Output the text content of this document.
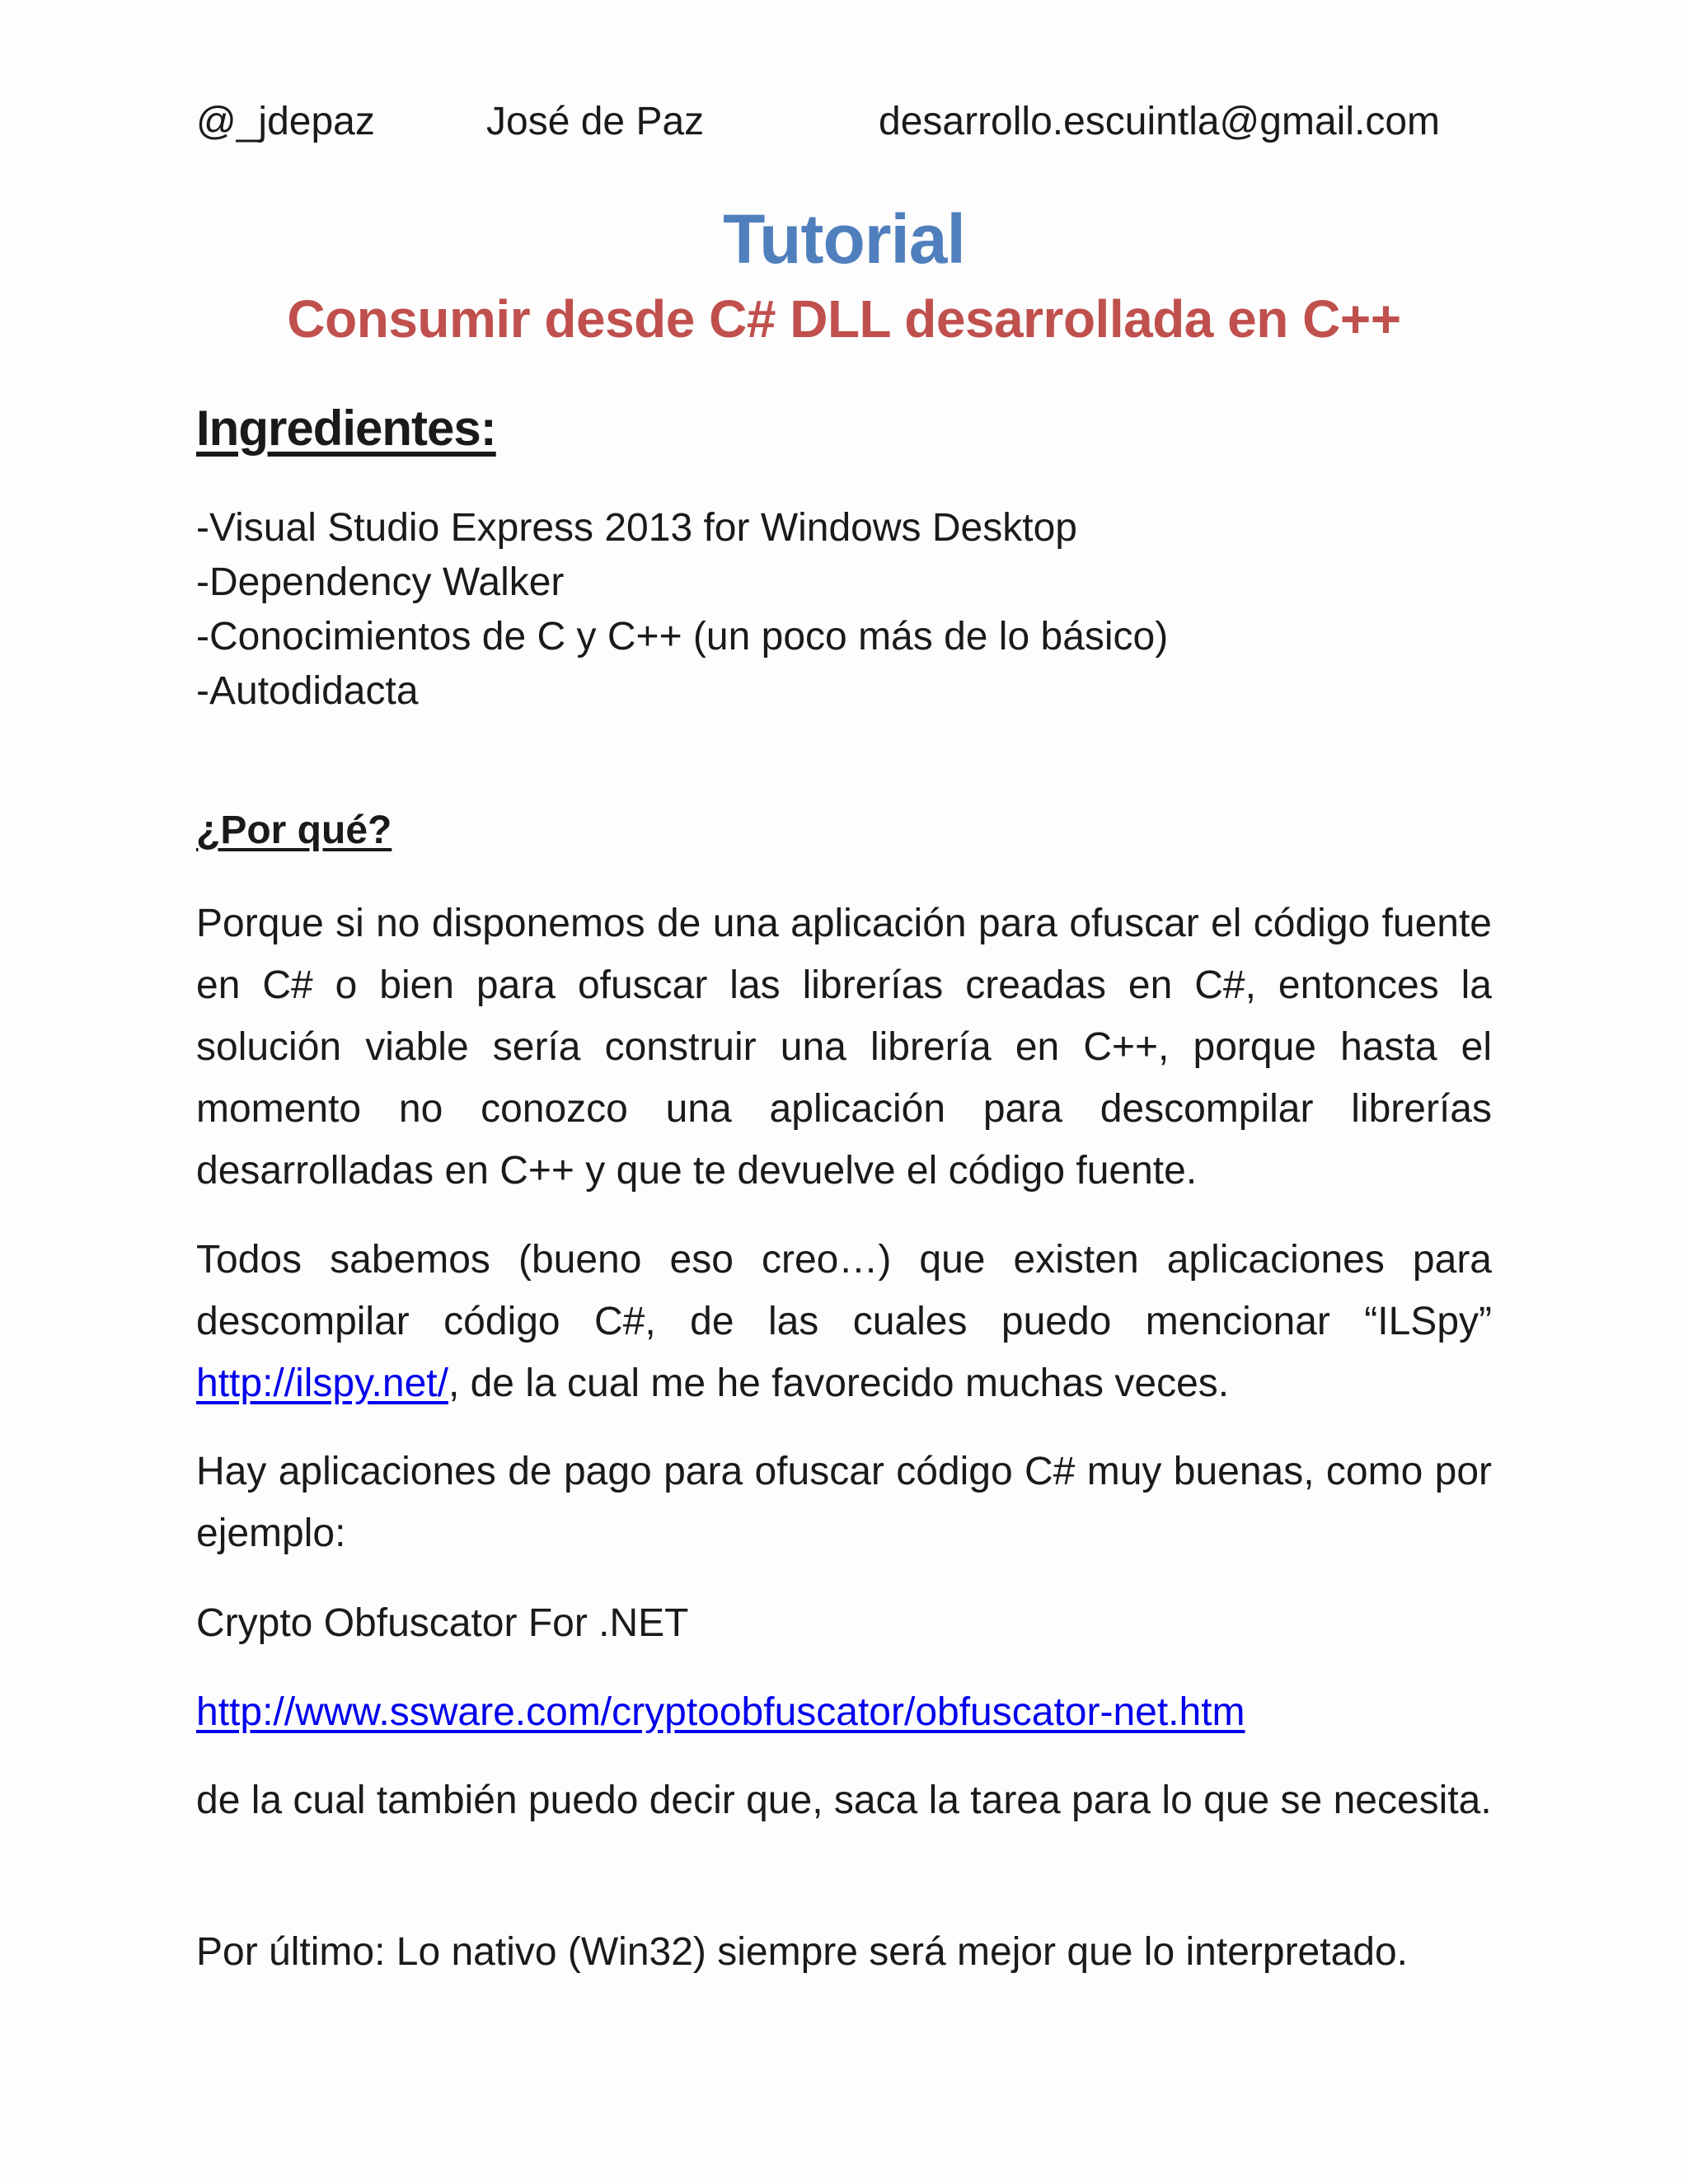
@_jdepaz	José de Paz	desarrollo.escuintla@gmail.com
Tutorial
Consumir desde C# DLL desarrollada en C++
Ingredientes:
-Visual Studio Express 2013 for Windows Desktop
-Dependency Walker
-Conocimientos de C y C++ (un poco más de lo básico)
-Autodidacta
¿Por qué?

Porque si no disponemos de una aplicación para ofuscar el código fuente en C# o bien para ofuscar las librerías creadas en C#, entonces la solución viable sería construir una librería en C++, porque hasta el momento no conozco una aplicación para descompilar librerías desarrolladas en C++ y que te devuelve el código fuente.

Todos sabemos (bueno eso creo…) que existen aplicaciones para descompilar código C#, de las cuales puedo mencionar “ILSpy” http://ilspy.net/, de la cual me he favorecido muchas veces.

Hay aplicaciones de pago para ofuscar código C# muy buenas, como por ejemplo:

Crypto Obfuscator For .NET

http://www.ssware.com/cryptoobfuscator/obfuscator-net.htm

de la cual también puedo decir que, saca la tarea para lo que se necesita.

Por último: Lo nativo (Win32) siempre será mejor que lo interpretado.
